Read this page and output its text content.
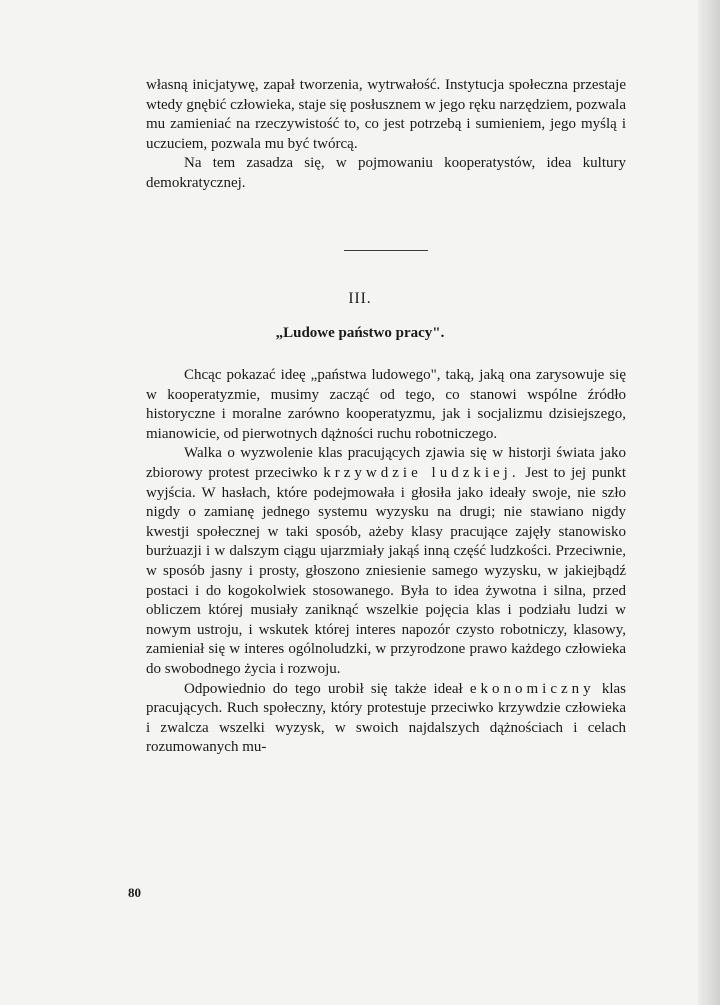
własną inicjatywę, zapał tworzenia, wytrwałość. Instytucja społeczna przestaje wtedy gnębić człowieka, staje się posłusznem w jego ręku narzędziem, pozwala mu zamieniać na rzeczywistość to, co jest potrzebą i sumieniem, jego myślą i uczuciem, pozwala mu być twórcą.

Na tem zasadza się, w pojmowaniu kooperatystów, idea kultury demokratycznej.

III.
„Ludowe państwo pracy".

Chcąc pokazać ideę „państwa ludowego", taką, jaką ona zarysowuje się w kooperatyzmie, musimy zacząć od tego, co stanowi wspólne źródło historyczne i moralne zarówno kooperatyzmu, jak i socjalizmu dzisiejszego, mianowicie, od pierwotnych dążności ruchu robotniczego.

Walka o wyzwolenie klas pracujących zjawia się w historji świata jako zbiorowy protest przeciwko krzywdzie ludzkiej. Jest to jej punkt wyjścia. W hasłach, które podejmowała i głosiła jako ideały swoje, nie szło nigdy o zamianę jednego systemu wyzysku na drugi; nie stawiano nigdy kwestji społecznej w taki sposób, ażeby klasy pracujące zajęły stanowisko burżuazji i w dalszym ciągu ujarzmiały jakąś inną część ludzkości. Przeciwnie, w sposób jasny i prosty, głoszono zniesienie samego wyzysku, w jakiejbądź postaci i do kogokolwiek stosowanego. Była to idea żywotna i silna, przed obliczem której musiały zaniknąć wszelkie pojęcia klas i podziału ludzi w nowym ustroju, i wskutek której interes napozór czysto robotniczy, klasowy, zamieniał się w interes ogólnoludzki, w przyrodzone prawo każdego człowieka do swobodnego życia i rozwoju.

Odpowiednio do tego urobił się także ideał ekonomiczny klas pracujących. Ruch społeczny, który protestuje przeciwko krzywdzie człowieka i zwalcza wszelki wyzysk, w swoich najdalszych dążnościach i celach rozumowanych mu-

80
